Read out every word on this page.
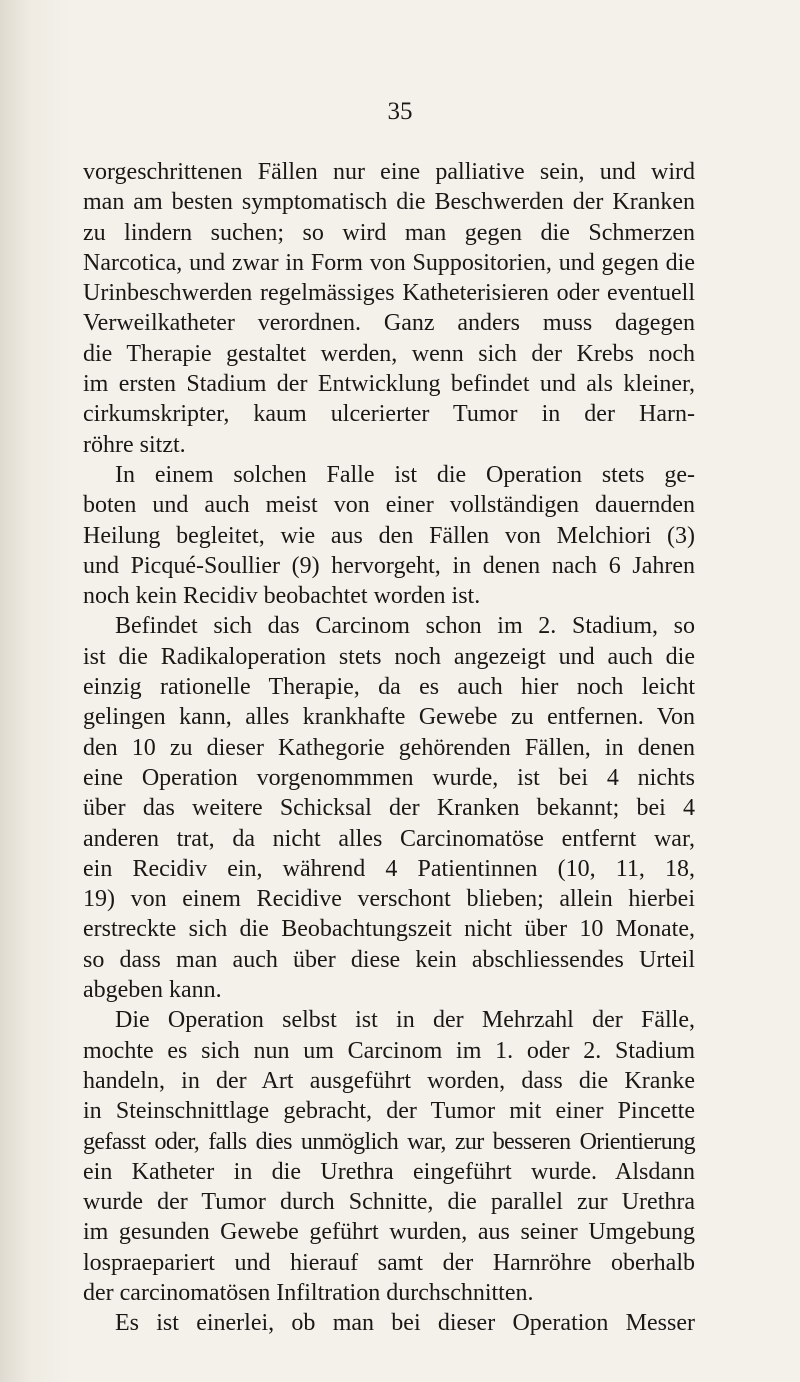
35
vorgeschrittenen Fällen nur eine palliative sein, und wird
man am besten symptomatisch die Beschwerden der Kranken
zu lindern suchen; so wird man gegen die Schmerzen
Narcotica, und zwar in Form von Suppositorien, und gegen die
Urinbeschwerden regelmässiges Katheterisieren oder eventuell
Verweilkatheter verordnen. Ganz anders muss dagegen
die Therapie gestaltet werden, wenn sich der Krebs noch
im ersten Stadium der Entwicklung befindet und als kleiner,
cirkumskripter, kaum ulcerierter Tumor in der Harn-
röhre sitzt.
In einem solchen Falle ist die Operation stets ge-
boten und auch meist von einer vollständigen dauernden
Heilung begleitet, wie aus den Fällen von Melchiori (3)
und Picqué-Soullier (9) hervorgeht, in denen nach 6 Jahren
noch kein Recidiv beobachtet worden ist.
Befindet sich das Carcinom schon im 2. Stadium, so
ist die Radikaloperation stets noch angezeigt und auch die
einzig rationelle Therapie, da es auch hier noch leicht
gelingen kann, alles krankhafte Gewebe zu entfernen. Von
den 10 zu dieser Kathegorie gehörenden Fällen, in denen
eine Operation vorgenommmen wurde, ist bei 4 nichts
über das weitere Schicksal der Kranken bekannt; bei 4
anderen trat, da nicht alles Carcinomatöse entfernt war,
ein Recidiv ein, während 4 Patientinnen (10, 11, 18,
19) von einem Recidive verschont blieben; allein hierbei
erstreckte sich die Beobachtungszeit nicht über 10 Monate,
so dass man auch über diese kein abschliessendes Urteil
abgeben kann.
Die Operation selbst ist in der Mehrzahl der Fälle,
mochte es sich nun um Carcinom im 1. oder 2. Stadium
handeln, in der Art ausgeführt worden, dass die Kranke
in Steinschnittlage gebracht, der Tumor mit einer Pincette
gefasst oder, falls dies unmöglich war, zur besseren Orientierung
ein Katheter in die Urethra eingeführt wurde. Alsdann
wurde der Tumor durch Schnitte, die parallel zur Urethra
im gesunden Gewebe geführt wurden, aus seiner Umgebung
lospraepariert und hierauf samt der Harnröhre oberhalb
der carcinomatösen Infiltration durchschnitten.
Es ist einerlei, ob man bei dieser Operation Messer
